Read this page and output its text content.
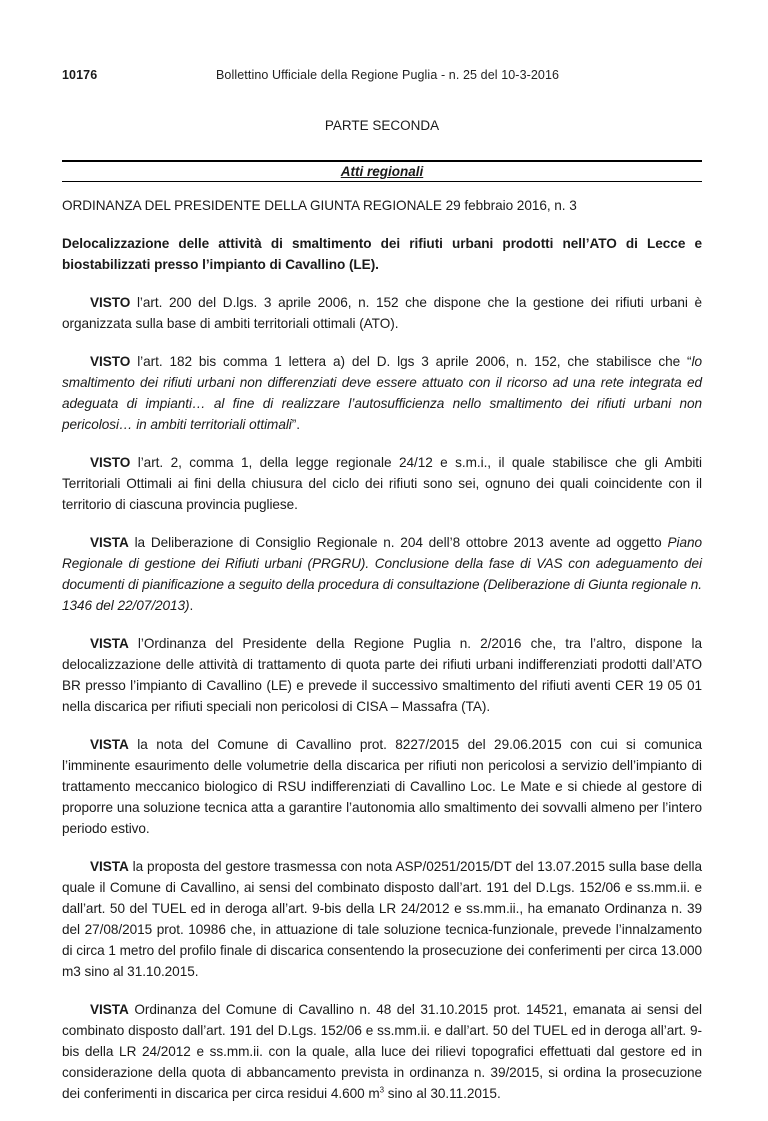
10176	Bollettino Ufficiale della Regione Puglia - n. 25 del 10-3-2016
PARTE SECONDA
Atti regionali

ORDINANZA DEL PRESIDENTE DELLA GIUNTA REGIONALE 29 febbraio 2016, n. 3

Delocalizzazione delle attività di smaltimento dei rifiuti urbani prodotti nell’ATO di Lecce e biostabilizzati presso l’impianto di Cavallino (LE).

VISTO l’art. 200 del D.lgs. 3 aprile 2006, n. 152 che dispone che la gestione dei rifiuti urbani è organizzata sulla base di ambiti territoriali ottimali (ATO).

VISTO l’art. 182 bis comma 1 lettera a) del D. lgs 3 aprile 2006, n. 152, che stabilisce che “lo smaltimento dei rifiuti urbani non differenziati deve essere attuato con il ricorso ad una rete integrata ed adeguata di impianti… al fine di realizzare l’autosufficienza nello smaltimento dei rifiuti urbani non pericolosi… in ambiti territoriali ottimali”.

VISTO l’art. 2, comma 1, della legge regionale 24/12 e s.m.i., il quale stabilisce che gli Ambiti Territoriali Ottimali ai fini della chiusura del ciclo dei rifiuti sono sei, ognuno dei quali coincidente con il territorio di ciascuna provincia pugliese.

VISTA la Deliberazione di Consiglio Regionale n. 204 dell’8 ottobre 2013 avente ad oggetto Piano Regionale di gestione dei Rifiuti urbani (PRGRU). Conclusione della fase di VAS con adeguamento dei documenti di pianificazione a seguito della procedura di consultazione (Deliberazione di Giunta regionale n. 1346 del 22/07/2013).

VISTA l’Ordinanza del Presidente della Regione Puglia n. 2/2016 che, tra l’altro, dispone la delocalizzazione delle attività di trattamento di quota parte dei rifiuti urbani indifferenziati prodotti dall’ATO BR presso l’impianto di Cavallino (LE) e prevede il successivo smaltimento del rifiuti aventi CER 19 05 01 nella discarica per rifiuti speciali non pericolosi di CISA – Massafra (TA).

VISTA la nota del Comune di Cavallino prot. 8227/2015 del 29.06.2015 con cui si comunica l’imminente esaurimento delle volumetrie della discarica per rifiuti non pericolosi a servizio dell’impianto di trattamento meccanico biologico di RSU indifferenziati di Cavallino Loc. Le Mate e si chiede al gestore di proporre una soluzione tecnica atta a garantire l’autonomia allo smaltimento dei sovvalli almeno per l’intero periodo estivo.

VISTA la proposta del gestore trasmessa con nota ASP/0251/2015/DT del 13.07.2015 sulla base della quale il Comune di Cavallino, ai sensi del combinato disposto dall’art. 191 del D.Lgs. 152/06 e ss.mm.ii. e dall’art. 50 del TUEL ed in deroga all’art. 9-bis della LR 24/2012 e ss.mm.ii., ha emanato Ordinanza n. 39 del 27/08/2015 prot. 10986 che, in attuazione di tale soluzione tecnica-funzionale, prevede l’innalzamento di circa 1 metro del profilo finale di discarica consentendo la prosecuzione dei conferimenti per circa 13.000 m3 sino al 31.10.2015.

VISTA Ordinanza del Comune di Cavallino n. 48 del 31.10.2015 prot. 14521, emanata ai sensi del combinato disposto dall’art. 191 del D.Lgs. 152/06 e ss.mm.ii. e dall’art. 50 del TUEL ed in deroga all’art. 9-bis della LR 24/2012 e ss.mm.ii. con la quale, alla luce dei rilievi topografici effettuati dal gestore ed in considerazione della quota di abbancamento prevista in ordinanza n. 39/2015, si ordina la prosecuzione dei conferimenti in discarica per circa residui 4.600 $m^3$ sino al 30.11.2015.
